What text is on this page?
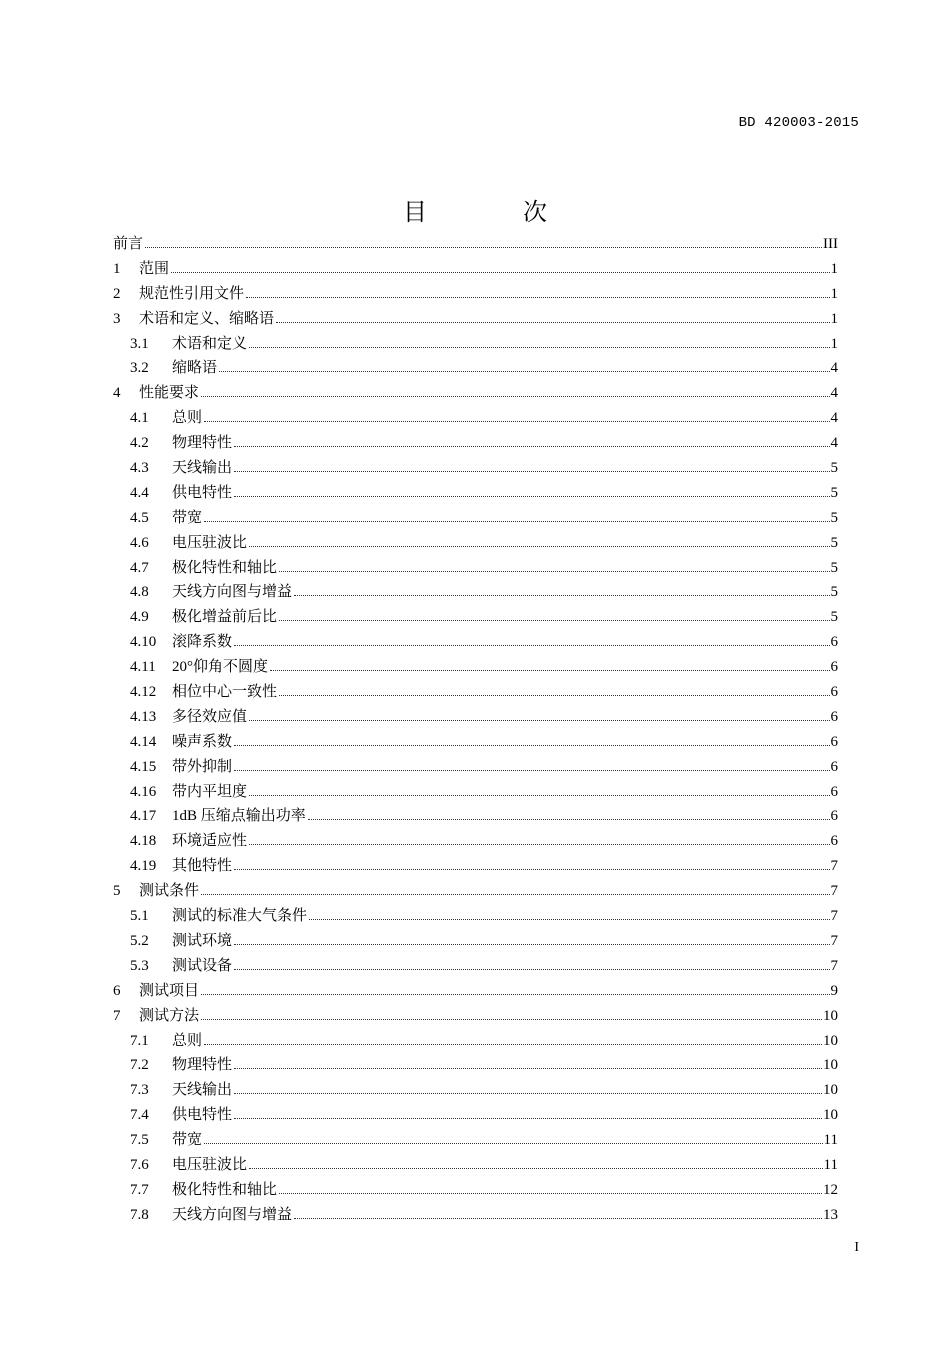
BD 420003-2015
目　次
前言	III
1	范围	1
2	规范性引用文件	1
3	术语和定义、缩略语	1
3.1	术语和定义	1
3.2	缩略语	4
4	性能要求	4
4.1	总则	4
4.2	物理特性	4
4.3	天线输出	5
4.4	供电特性	5
4.5	带宽	5
4.6	电压驻波比	5
4.7	极化特性和轴比	5
4.8	天线方向图与增益	5
4.9	极化增益前后比	5
4.10	滚降系数	6
4.11	20°仰角不圆度	6
4.12	相位中心一致性	6
4.13	多径效应值	6
4.14	噪声系数	6
4.15	带外抑制	6
4.16	带内平坦度	6
4.17	1dB 压缩点输出功率	6
4.18	环境适应性	6
4.19	其他特性	7
5	测试条件	7
5.1	测试的标准大气条件	7
5.2	测试环境	7
5.3	测试设备	7
6	测试项目	9
7	测试方法	10
7.1	总则	10
7.2	物理特性	10
7.3	天线输出	10
7.4	供电特性	10
7.5	带宽	11
7.6	电压驻波比	11
7.7	极化特性和轴比	12
7.8	天线方向图与增益	13
I
